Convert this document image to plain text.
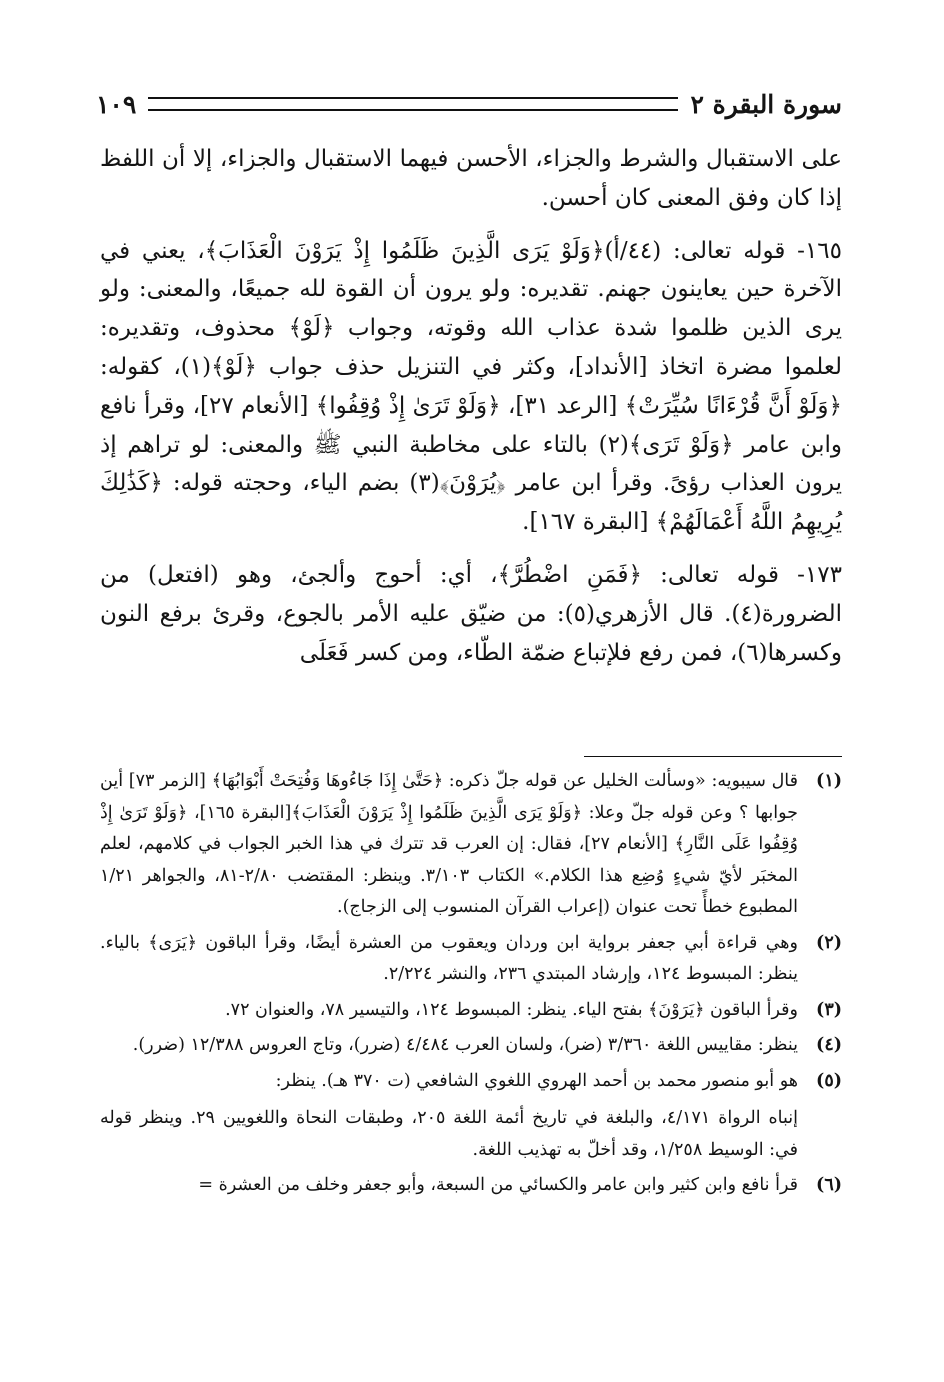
سورة البقرة ٢
١٠٩

على الاستقبال والشرط والجزاء، الأحسن فيهما الاستقبال والجزاء، إلا أن اللفظ إذا كان وفق المعنى كان أحسن.

١٦٥- قوله تعالى: (٤٤/أ)﴿وَلَوْ يَرَى الَّذِينَ ظَلَمُوا إِذْ يَرَوْنَ الْعَذَابَ﴾، يعني في الآخرة حين يعاينون جهنم. تقديره: ولو يرون أن القوة لله جميعًا، والمعنى: ولو يرى الذين ظلموا شدة عذاب الله وقوته، وجواب ﴿لَوْ﴾ محذوف، وتقديره: لعلموا مضرة اتخاذ [الأنداد]، وكثر في التنزيل حذف جواب ﴿لَوْ﴾(١)، كقوله: ﴿وَلَوْ أَنَّ قُرْءَانًا سُيِّرَتْ﴾ [الرعد ٣١]، ﴿وَلَوْ تَرَىٰ إِذْ وُقِفُوا﴾ [الأنعام ٢٧]، وقرأ نافع وابن عامر ﴿وَلَوْ تَرَى﴾(٢) بالتاء على مخاطبة النبي ﷺ والمعنى: لو تراهم إذ يرون العذاب رؤىً. وقرأ ابن عامر ﴿يُرَوْنَ﴾(٣) بضم الياء، وحجته قوله: ﴿كَذَٰلِكَ يُرِيهِمُ اللَّهُ أَعْمَالَهُمْ﴾ [البقرة ١٦٧].

١٧٣- قوله تعالى: ﴿فَمَنِ اضْطُرَّ﴾، أي: أحوج وألجئ، وهو (افتعل) من الضرورة(٤). قال الأزهري(٥): من ضيّق عليه الأمر بالجوع، وقرئ برفع النون وكسرها(٦)، فمن رفع فلإتباع ضمّة الطّاء، ومن كسر فَعَلَى

(١)

قال سيبويه: «وسألت الخليل عن قوله جلّ ذكره: ﴿حَتَّىٰ إِذَا جَاءُوهَا وَفُتِحَتْ أَبْوَابُهَا﴾ [الزمر ٧٣] أين جوابها ؟ وعن قوله جلّ وعلا: ﴿وَلَوْ يَرَى الَّذِينَ ظَلَمُوا إِذْ يَرَوْنَ الْعَذَابَ﴾[البقرة ١٦٥]، ﴿وَلَوْ تَرَىٰ إِذْ وُقِفُوا عَلَى النَّارِ﴾ [الأنعام ٢٧]، فقال: إن العرب قد تترك في هذا الخبر الجواب في كلامهم، لعلم المخبَر لأيّ شيءٍ وُضِع هذا الكلام.» الكتاب ٣/١٠٣. وينظر: المقتضب ٢/٨٠-٨١، والجواهر ١/٢١ المطبوع خطأً تحت عنوان (إعراب القرآن المنسوب إلى الزجاج).

(٢)

وهي قراءة أبي جعفر برواية ابن وردان ويعقوب من العشرة أيضًا، وقرأ الباقون ﴿يَرَى﴾ بالياء. ينظر: المبسوط ١٢٤، وإرشاد المبتدي ٢٣٦، والنشر ٢/٢٢٤.

(٣)

وقرأ الباقون ﴿يَرَوْنَ﴾ بفتح الياء. ينظر: المبسوط ١٢٤، والتيسير ٧٨، والعنوان ٧٢.

(٤)

ينظر: مقاييس اللغة ٣/٣٦٠ (ضر)، ولسان العرب ٤/٤٨٤ (ضرر)، وتاج العروس ١٢/٣٨٨ (ضرر).

(٥)

هو أبو منصور محمد بن أحمد الهروي اللغوي الشافعي (ت ٣٧٠ هـ). ينظر:

إنباه الرواة ٤/١٧١، والبلغة في تاريخ أئمة اللغة ٢٠٥، وطبقات النحاة واللغويين ٢٩. وينظر قوله في: الوسيط ١/٢٥٨، وقد أخلّ به تهذيب اللغة.

(٦)

قرأ نافع وابن كثير وابن عامر والكسائي من السبعة، وأبو جعفر وخلف من العشرة =
